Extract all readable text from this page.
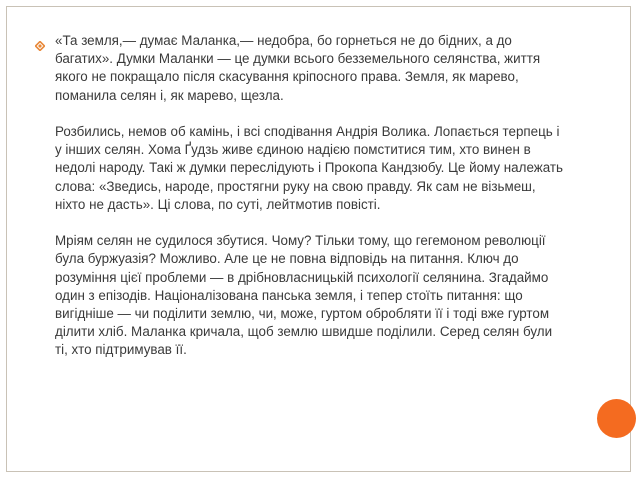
«Та земля,— думає Маланка,— недобра, бо горнеться не до бідних, а до
багатих». Думки Маланки — це думки всього безземельного селянства, життя
якого не покращало після скасування кріпосного права. Земля, як марево,
поманила селян і, як марево, щезла.

Розбились, немов об камінь, і всі сподівання Андрія Волика. Лопається терпець і
у інших селян. Хома Ґудзь живе єдиною надією помститися тим, хто винен в
недолі народу. Такі ж думки переслідують і Прокопа Кандзюбу. Це йому належать
слова: «Зведись, народе, простягни руку на свою правду. Як сам не візьмеш,
ніхто не дасть». Ці слова, по суті, лейтмотив повісті.

Мріям селян не судилося збутися. Чому? Тільки тому, що гегемоном революції
була буржуазія? Можливо. Але це не повна відповідь на питання. Ключ до
розуміння цієї проблеми — в дрібновласницькій психології селянина. Згадаймо
один з епізодів. Націоналізована панська земля, і тепер стоїть питання: що
вигідніше — чи поділити землю, чи, може, гуртом обробляти її і тоді вже гуртом
ділити хліб. Маланка кричала, щоб землю швидше поділили. Серед селян були
ті, хто підтримував її.
